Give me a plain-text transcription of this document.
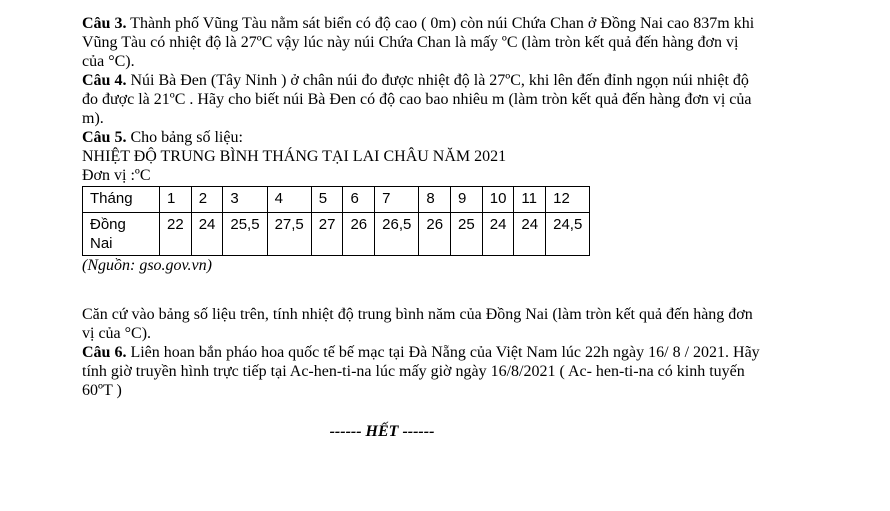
Câu 3. Thành phố Vũng Tàu nằm sát biển có độ cao ( 0m) còn núi Chứa Chan ở Đồng Nai cao 837m khi
Vũng Tàu có nhiệt độ là 27ºC vậy lúc này núi Chứa Chan là mấy ºC (làm tròn kết quả đến hàng đơn vị
của °C).
Câu 4. Núi Bà Đen (Tây Ninh ) ở chân núi đo được nhiệt độ là 27ºC, khi lên đến đỉnh ngọn núi nhiệt độ
đo được là 21ºC . Hãy cho biết núi Bà Đen có độ cao bao nhiêu m (làm tròn kết quả đến hàng đơn vị của
m).
Câu 5. Cho bảng số liệu:
NHIỆT ĐỘ TRUNG BÌNH THÁNG TẠI LAI CHÂU NĂM 2021
Đơn vị :ºC
Tháng	1	2	3	4	5	6	7	8	9	10	11	12
Đồng Nai	22	24	25,5	27,5	27	26	26,5	26	25	24	24	24,5
(Nguồn: gso.gov.vn)
Căn cứ vào bảng số liệu trên, tính nhiệt độ trung bình năm của Đồng Nai (làm tròn kết quả đến hàng đơn
vị của °C).
Câu 6. Liên hoan bắn pháo hoa quốc tế bế mạc tại Đà Nẵng của Việt Nam lúc 22h ngày 16/ 8 / 2021. Hãy
tính giờ truyền hình trực tiếp tại Ac-hen-ti-na lúc mấy giờ ngày 16/8/2021 ( Ac- hen-ti-na có kinh tuyến
60ºT )
------ HẾT ------
